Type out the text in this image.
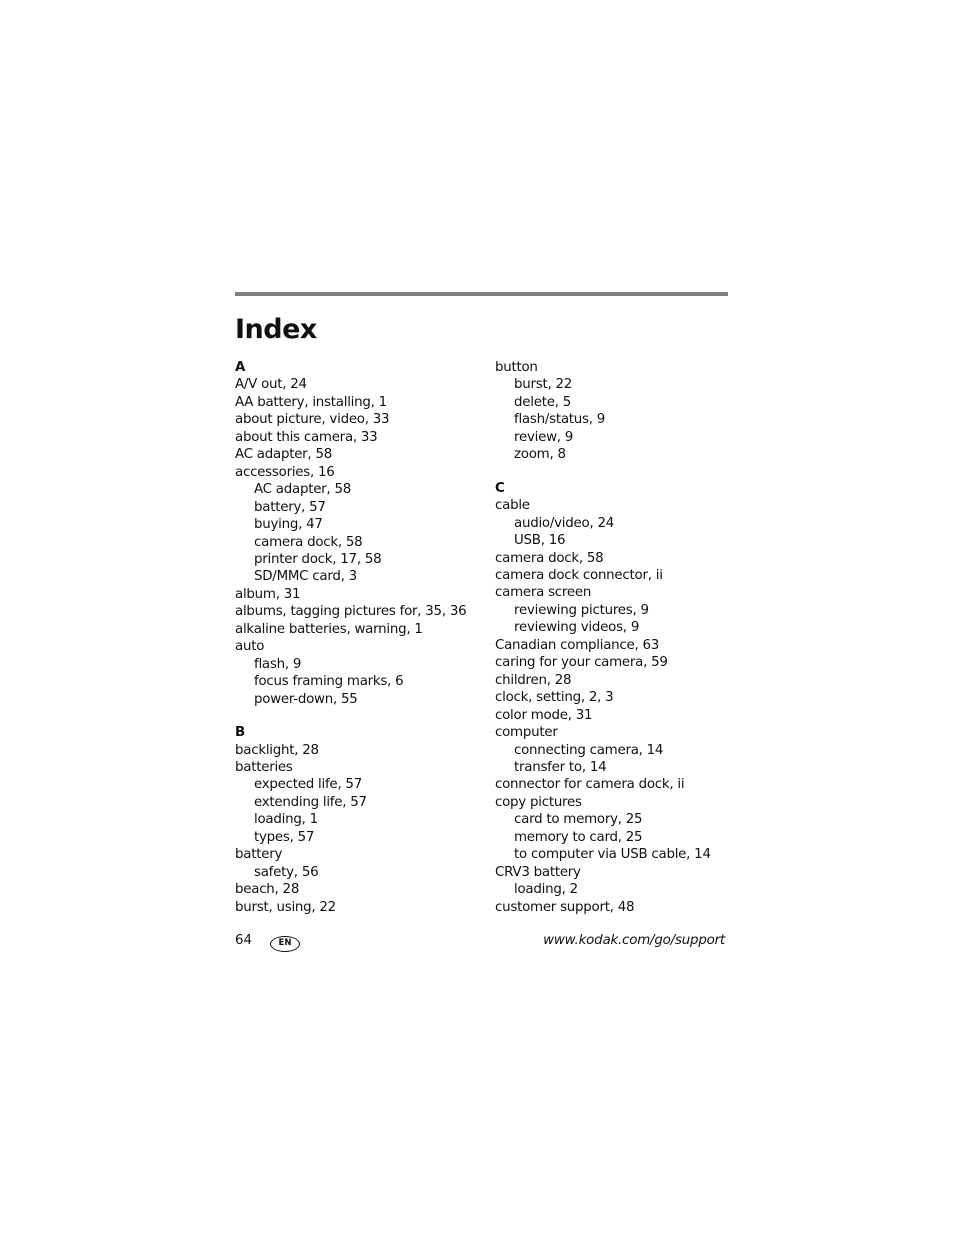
Index
A
A/V out, 24
AA battery, installing, 1
about picture, video, 33
about this camera, 33
AC adapter, 58
accessories, 16
AC adapter, 58
battery, 57
buying, 47
camera dock, 58
printer dock, 17, 58
SD/MMC card, 3
album, 31
albums, tagging pictures for, 35, 36
alkaline batteries, warning, 1
auto
flash, 9
focus framing marks, 6
power-down, 55
B
backlight, 28
batteries
expected life, 57
extending life, 57
loading, 1
types, 57
battery
safety, 56
beach, 28
burst, using, 22
button
burst, 22
delete, 5
flash/status, 9
review, 9
zoom, 8
C
cable
audio/video, 24
USB, 16
camera dock, 58
camera dock connector, ii
camera screen
reviewing pictures, 9
reviewing videos, 9
Canadian compliance, 63
caring for your camera, 59
children, 28
clock, setting, 2, 3
color mode, 31
computer
connecting camera, 14
transfer to, 14
connector for camera dock, ii
copy pictures
card to memory, 25
memory to card, 25
to computer via USB cable, 14
CRV3 battery
loading, 2
customer support, 48
64	EN	www.kodak.com/go/support
